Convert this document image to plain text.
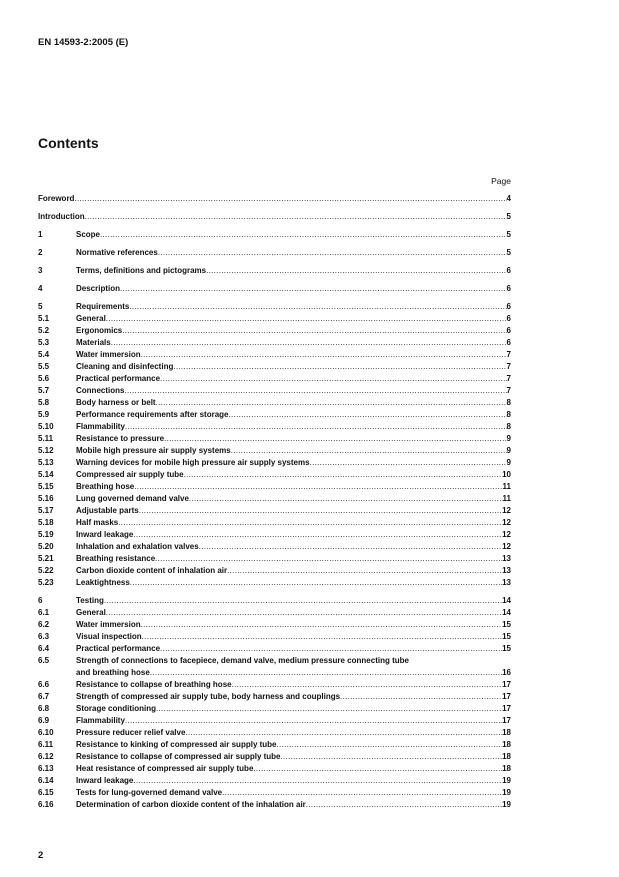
EN 14593-2:2005 (E)
Contents
Page
Foreword .....	4
Introduction .....	5
1	Scope .....	5
2	Normative references .....	5
3	Terms, definitions and pictograms .....	6
4	Description .....	6
5	Requirements .....	6
5.1	General .....	6
5.2	Ergonomics .....	6
5.3	Materials .....	6
5.4	Water immersion .....	7
5.5	Cleaning and disinfecting .....	7
5.6	Practical performance .....	7
5.7	Connections .....	7
5.8	Body harness or belt .....	8
5.9	Performance requirements after storage .....	8
5.10	Flammability .....	8
5.11	Resistance to pressure .....	9
5.12	Mobile high pressure air supply systems .....	9
5.13	Warning devices for mobile high pressure air supply systems .....	9
5.14	Compressed air supply tube .....	10
5.15	Breathing hose .....	11
5.16	Lung governed demand valve .....	11
5.17	Adjustable parts .....	12
5.18	Half masks .....	12
5.19	Inward leakage .....	12
5.20	Inhalation and exhalation valves .....	12
5.21	Breathing resistance .....	13
5.22	Carbon dioxide content of inhalation air .....	13
5.23	Leaktightness .....	13
6	Testing .....	14
6.1	General .....	14
6.2	Water immersion .....	15
6.3	Visual inspection .....	15
6.4	Practical performance .....	15
6.5	Strength of connections to facepiece, demand valve, medium pressure connecting tube
and breathing hose .....	16
6.6	Resistance to collapse of breathing hose .....	17
6.7	Strength of compressed air supply tube, body harness and couplings .....	17
6.8	Storage conditioning .....	17
6.9	Flammability .....	17
6.10	Pressure reducer relief valve .....	18
6.11	Resistance to kinking of compressed air supply tube .....	18
6.12	Resistance to collapse of compressed air supply tube .....	18
6.13	Heat resistance of compressed air supply tube .....	18
6.14	Inward leakage .....	19
6.15	Tests for lung-governed demand valve .....	19
6.16	Determination of carbon dioxide content of the inhalation air .....	19
2
